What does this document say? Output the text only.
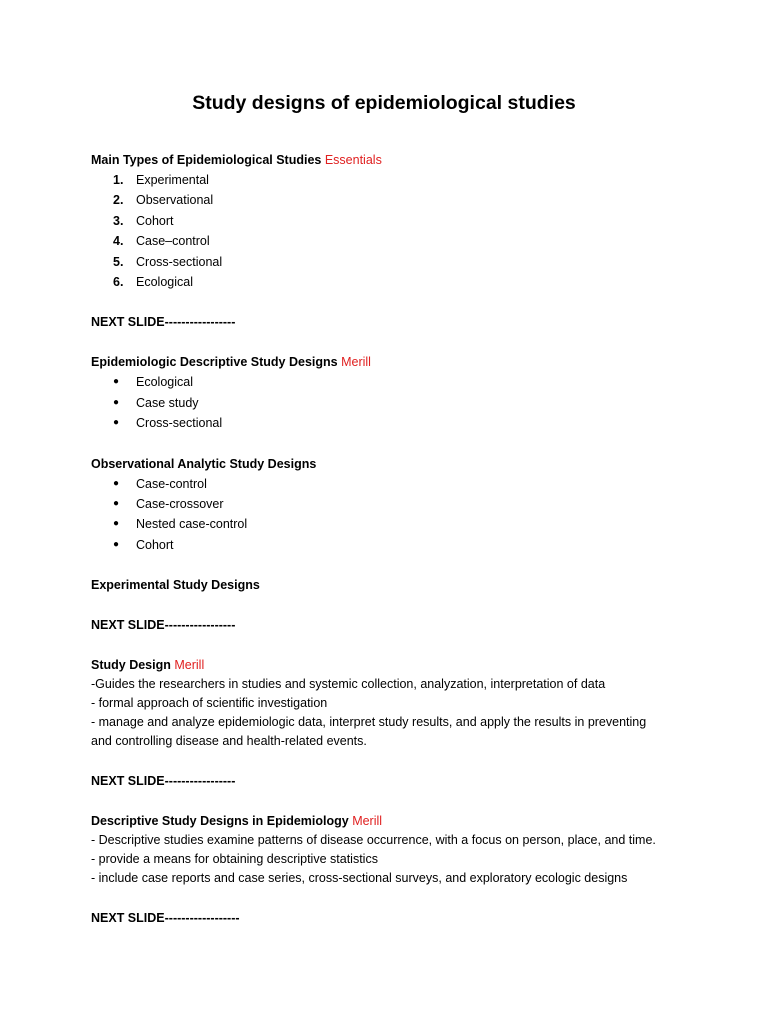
Study designs of epidemiological studies
Main Types of Epidemiological Studies Essentials
1.	Experimental
2.	Observational
3.	Cohort
4.	Case–control
5.	Cross-sectional
6.	Ecological
NEXT SLIDE-----------------
Epidemiologic Descriptive Study Designs Merill
● Ecological
● Case study
● Cross-sectional
Observational Analytic Study Designs
● Case-control
● Case-crossover
● Nested case-control
● Cohort
Experimental Study Designs
NEXT SLIDE-----------------
Study Design Merill
-Guides the researchers in studies and systemic collection, analyzation, interpretation of data
- formal approach of scientific investigation
- manage and analyze epidemiologic data, interpret study results, and apply the results in preventing
and controlling disease and health-related events.
NEXT SLIDE-----------------
Descriptive Study Designs in Epidemiology Merill
- Descriptive studies examine patterns of disease occurrence, with a focus on person, place, and time.
- provide a means for obtaining descriptive statistics
- include case reports and case series, cross-sectional surveys, and exploratory ecologic designs
NEXT SLIDE------------------
